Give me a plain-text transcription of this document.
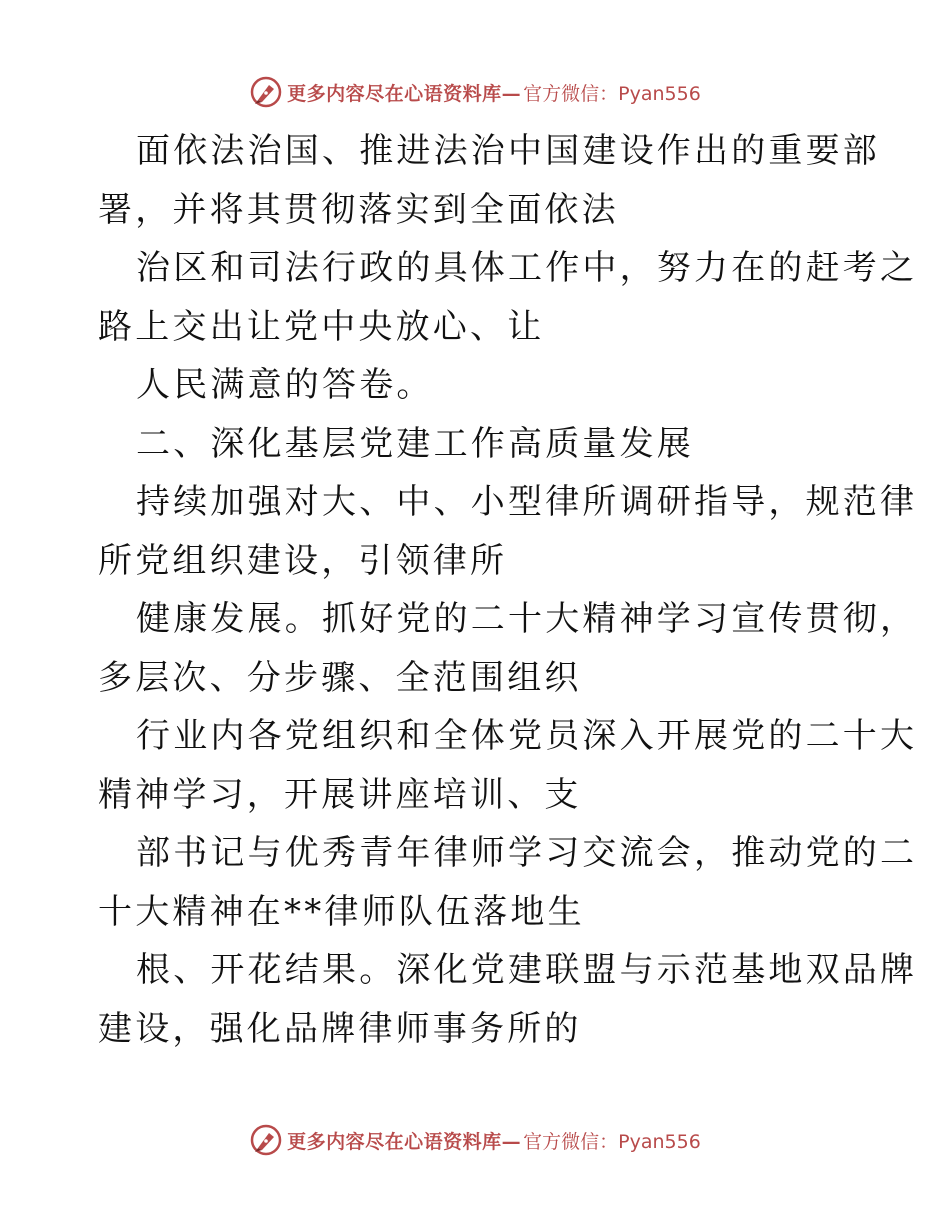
更多内容尽在心语资料库— 官方微信：Pyan556

面依法治国、推进法治中国建设作出的重要部

署，并将其贯彻落实到全面依法

治区和司法行政的具体工作中，努力在的赶考之

路上交出让党中央放心、让

人民满意的答卷。

二、深化基层党建工作高质量发展

持续加强对大、中、小型律所调研指导，规范律

所党组织建设，引领律所

健康发展。抓好党的二十大精神学习宣传贯彻，

多层次、分步骤、全范围组织

行业内各党组织和全体党员深入开展党的二十大

精神学习，开展讲座培训、支

部书记与优秀青年律师学习交流会，推动党的二

十大精神在**律师队伍落地生

根、开花结果。深化党建联盟与示范基地双品牌

建设，强化品牌律师事务所的

更多内容尽在心语资料库— 官方微信：Pyan556
